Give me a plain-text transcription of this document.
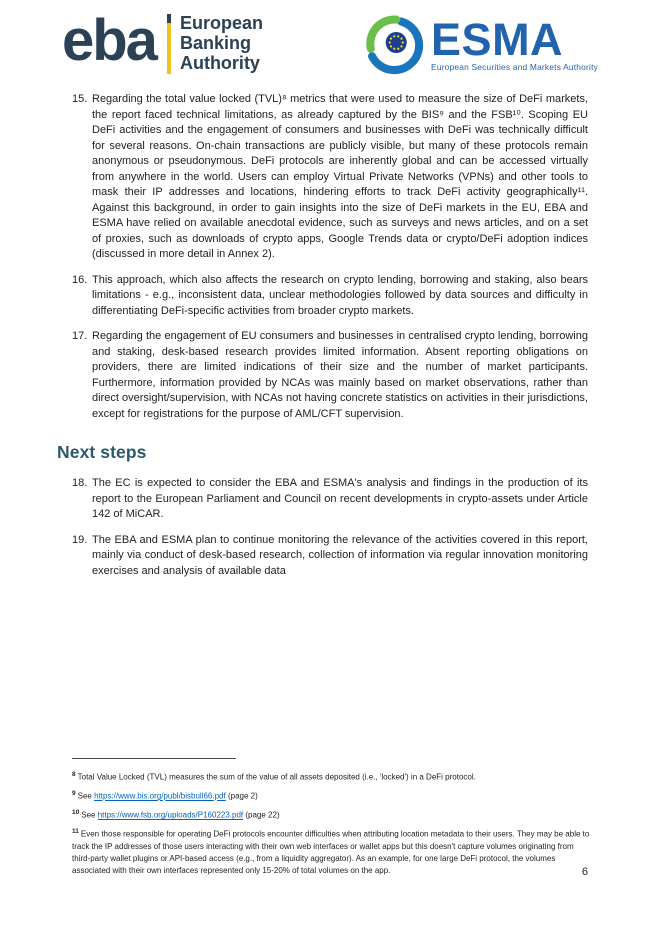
eba European
Banking
Authority	ESMA
European Securities and Markets Authority
15. Regarding the total value locked (TVL)⁸ metrics that were used to measure the size of DeFi markets, the report faced technical limitations, as already captured by the BIS⁹ and the FSB¹⁰. Scoping EU DeFi activities and the engagement of consumers and businesses with DeFi was technically difficult for several reasons. On-chain transactions are publicly visible, but many of these protocols remain anonymous or pseudonymous. DeFi protocols are inherently global and can be accessed virtually from anywhere in the world. Users can employ Virtual Private Networks (VPNs) and other tools to mask their IP addresses and locations, hindering efforts to track DeFi activity geographically¹¹. Against this background, in order to gain insights into the size of DeFi markets in the EU, EBA and ESMA have relied on available anecdotal evidence, such as surveys and news articles, and on a set of proxies, such as downloads of crypto apps, Google Trends data or crypto/DeFi adoption indices (discussed in more detail in Annex 2).
16. This approach, which also affects the research on crypto lending, borrowing and staking, also bears limitations - e.g., inconsistent data, unclear methodologies followed by data sources and difficulty in differentiating DeFi-specific activities from broader crypto markets.
17. Regarding the engagement of EU consumers and businesses in centralised crypto lending, borrowing and staking, desk-based research provides limited information. Absent reporting obligations on providers, there are limited indications of their size and the number of market participants. Furthermore, information provided by NCAs was mainly based on market observations, rather than direct oversight/supervision, with NCAs not having concrete statistics on activities in their jurisdictions, except for registrations for the purpose of AML/CFT supervision.
Next steps
18. The EC is expected to consider the EBA and ESMA's analysis and findings in the production of its report to the European Parliament and Council on recent developments in crypto-assets under Article 142 of MiCAR.
19. The EBA and ESMA plan to continue monitoring the relevance of the activities covered in this report, mainly via conduct of desk-based research, collection of information via regular innovation monitoring exercises and analysis of available data
$^8$ Total Value Locked (TVL) measures the sum of the value of all assets deposited (i.e., 'locked') in a DeFi protocol.
$^9$ See https://www.bis.org/publ/bisbull66.pdf (page 2)
$^{10}$ See https://www.fsb.org/uploads/P160223.pdf (page 22)
$^{11}$ Even those responsible for operating DeFi protocols encounter difficulties when attributing location metadata to their users. They may be able to track the IP addresses of those users interacting with their own web interfaces or wallet apps but this doesn't capture volumes originating from third-party wallet plugins or API-based access (e.g., from a liquidity aggregator). As an example, for one large DeFi protocol, the volumes associated with their own interfaces represented only 15-20% of total volumes on the app.	6
